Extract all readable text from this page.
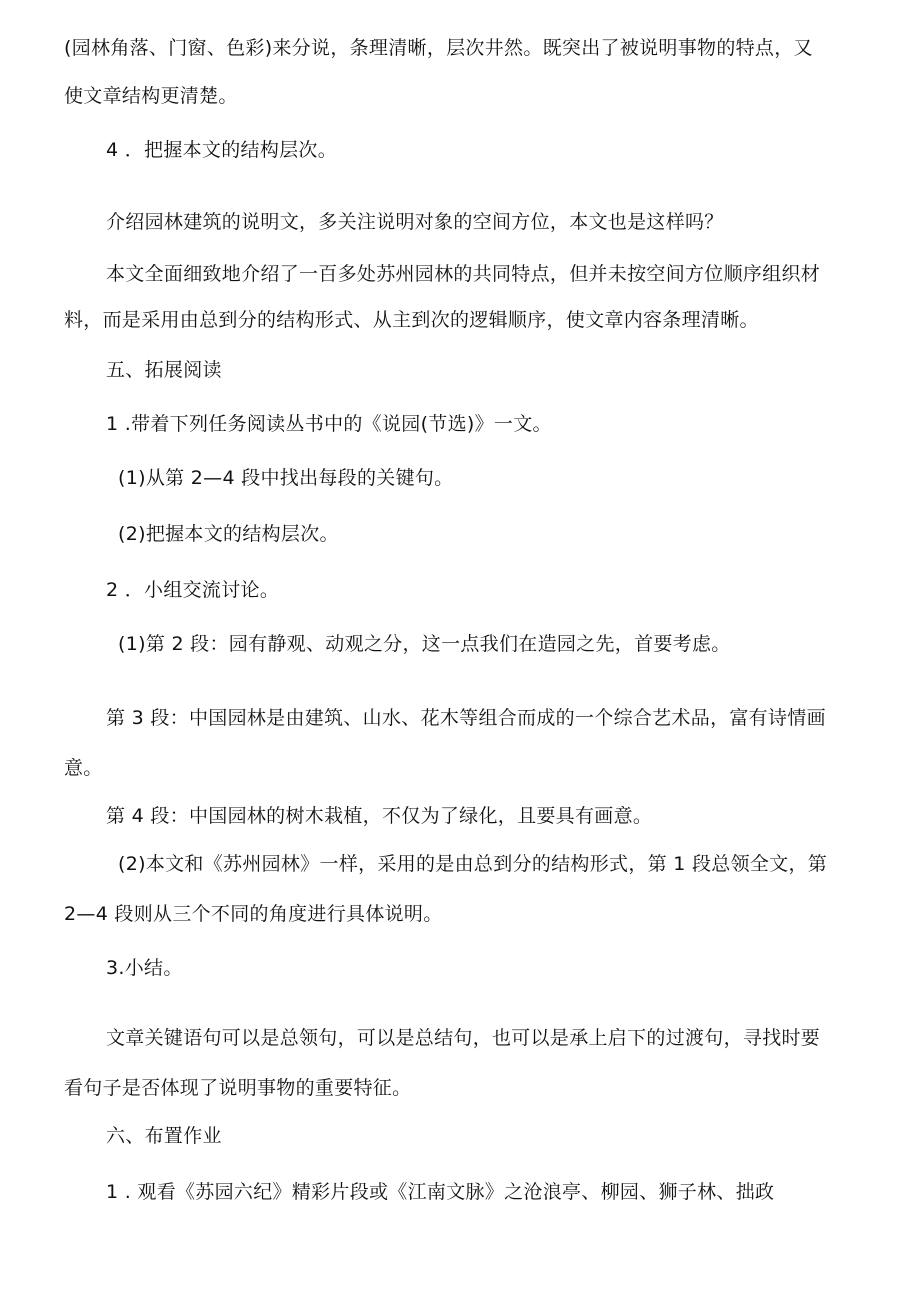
(园林角落、门窗、色彩)来分说，条理清晰，层次井然。既突出了被说明事物的特点，又
使文章结构更清楚。
4 ．把握本文的结构层次。
介绍园林建筑的说明文，多关注说明对象的空间方位，本文也是这样吗？
本文全面细致地介绍了一百多处苏州园林的共同特点，但并未按空间方位顺序组织材
料，而是采用由总到分的结构形式、从主到次的逻辑顺序，使文章内容条理清晰。
五、拓展阅读
1 .带着下列任务阅读丛书中的《说园(节选)》一文。
(1)从第 2—4 段中找出每段的关键句。
(2)把握本文的结构层次。
2 ．小组交流讨论。
(1)第 2 段：园有静观、动观之分，这一点我们在造园之先，首要考虑。
第 3 段：中国园林是由建筑、山水、花木等组合而成的一个综合艺术品，富有诗情画
意。
第 4 段：中国园林的树木栽植，不仅为了绿化，且要具有画意。
(2)本文和《苏州园林》一样，采用的是由总到分的结构形式，第 1 段总领全文，第
2—4 段则从三个不同的角度进行具体说明。
3.小结。
文章关键语句可以是总领句，可以是总结句，也可以是承上启下的过渡句，寻找时要
看句子是否体现了说明事物的重要特征。
六、布置作业
1 . 观看《苏园六纪》精彩片段或《江南文脉》之沧浪亭、柳园、狮子林、拙政
